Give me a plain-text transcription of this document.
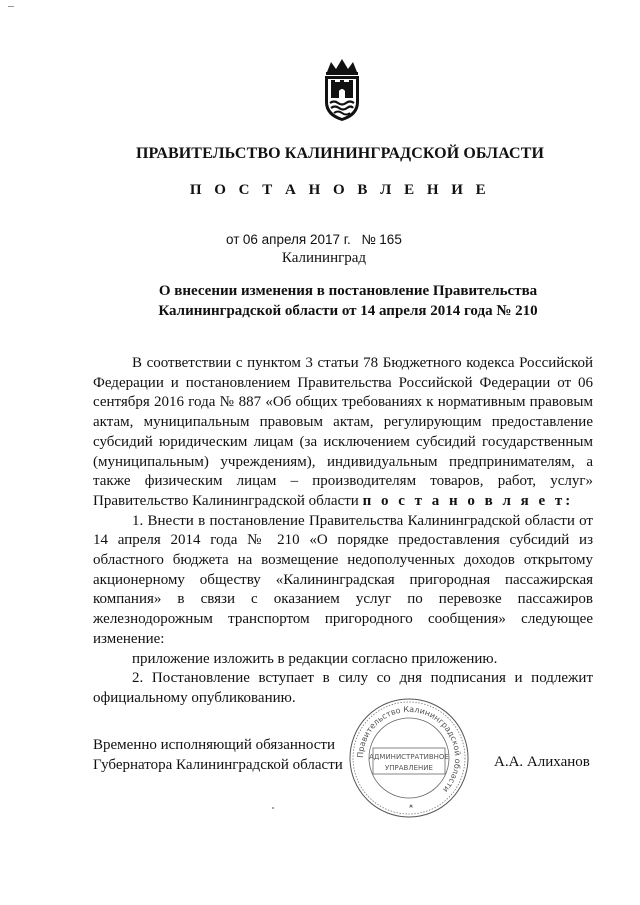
ПРАВИТЕЛЬСТВО КАЛИНИНГРАДСКОЙ ОБЛАСТИ
П О С Т А Н О В Л Е Н И Е
от 06 апреля 2017 г. № 165
Калининград
О внесении изменения в постановление Правительства
Калининградской области от 14 апреля 2014 года № 210

В соответствии с пунктом 3 статьи 78 Бюджетного кодекса Российской Федерации и постановлением Правительства Российской Федерации от 06 сентября 2016 года № 887 «Об общих требованиях к нормативным правовым актам, муниципальным правовым актам, регулирующим предоставление субсидий юридическим лицам (за исключением субсидий государственным (муниципальным) учреждениям), индивидуальным предпринимателям, а также физическим лицам – производителям товаров, работ, услуг» Правительство Калининградской области п о с т а н о в л я е т:

1. Внести в постановление Правительства Калининградской области от 14 апреля 2014 года № 210 «О порядке предоставления субсидий из областного бюджета на возмещение недополученных доходов открытому акционерному обществу «Калининградская пригородная пассажирская компания» в связи с оказанием услуг по перевозке пассажиров железнодорожным транспортом пригородного сообщения» следующее изменение:

приложение изложить в редакции согласно приложению.

2. Постановление вступает в силу со дня подписания и подлежит официальному опубликованию.

Временно исполняющий обязанности
Губернатора Калининградской области
Правительство Калининградской области
АДМИНИСТРАТИВНОЕ
УПРАВЛЕНИЕ	А.А. Алиханов
